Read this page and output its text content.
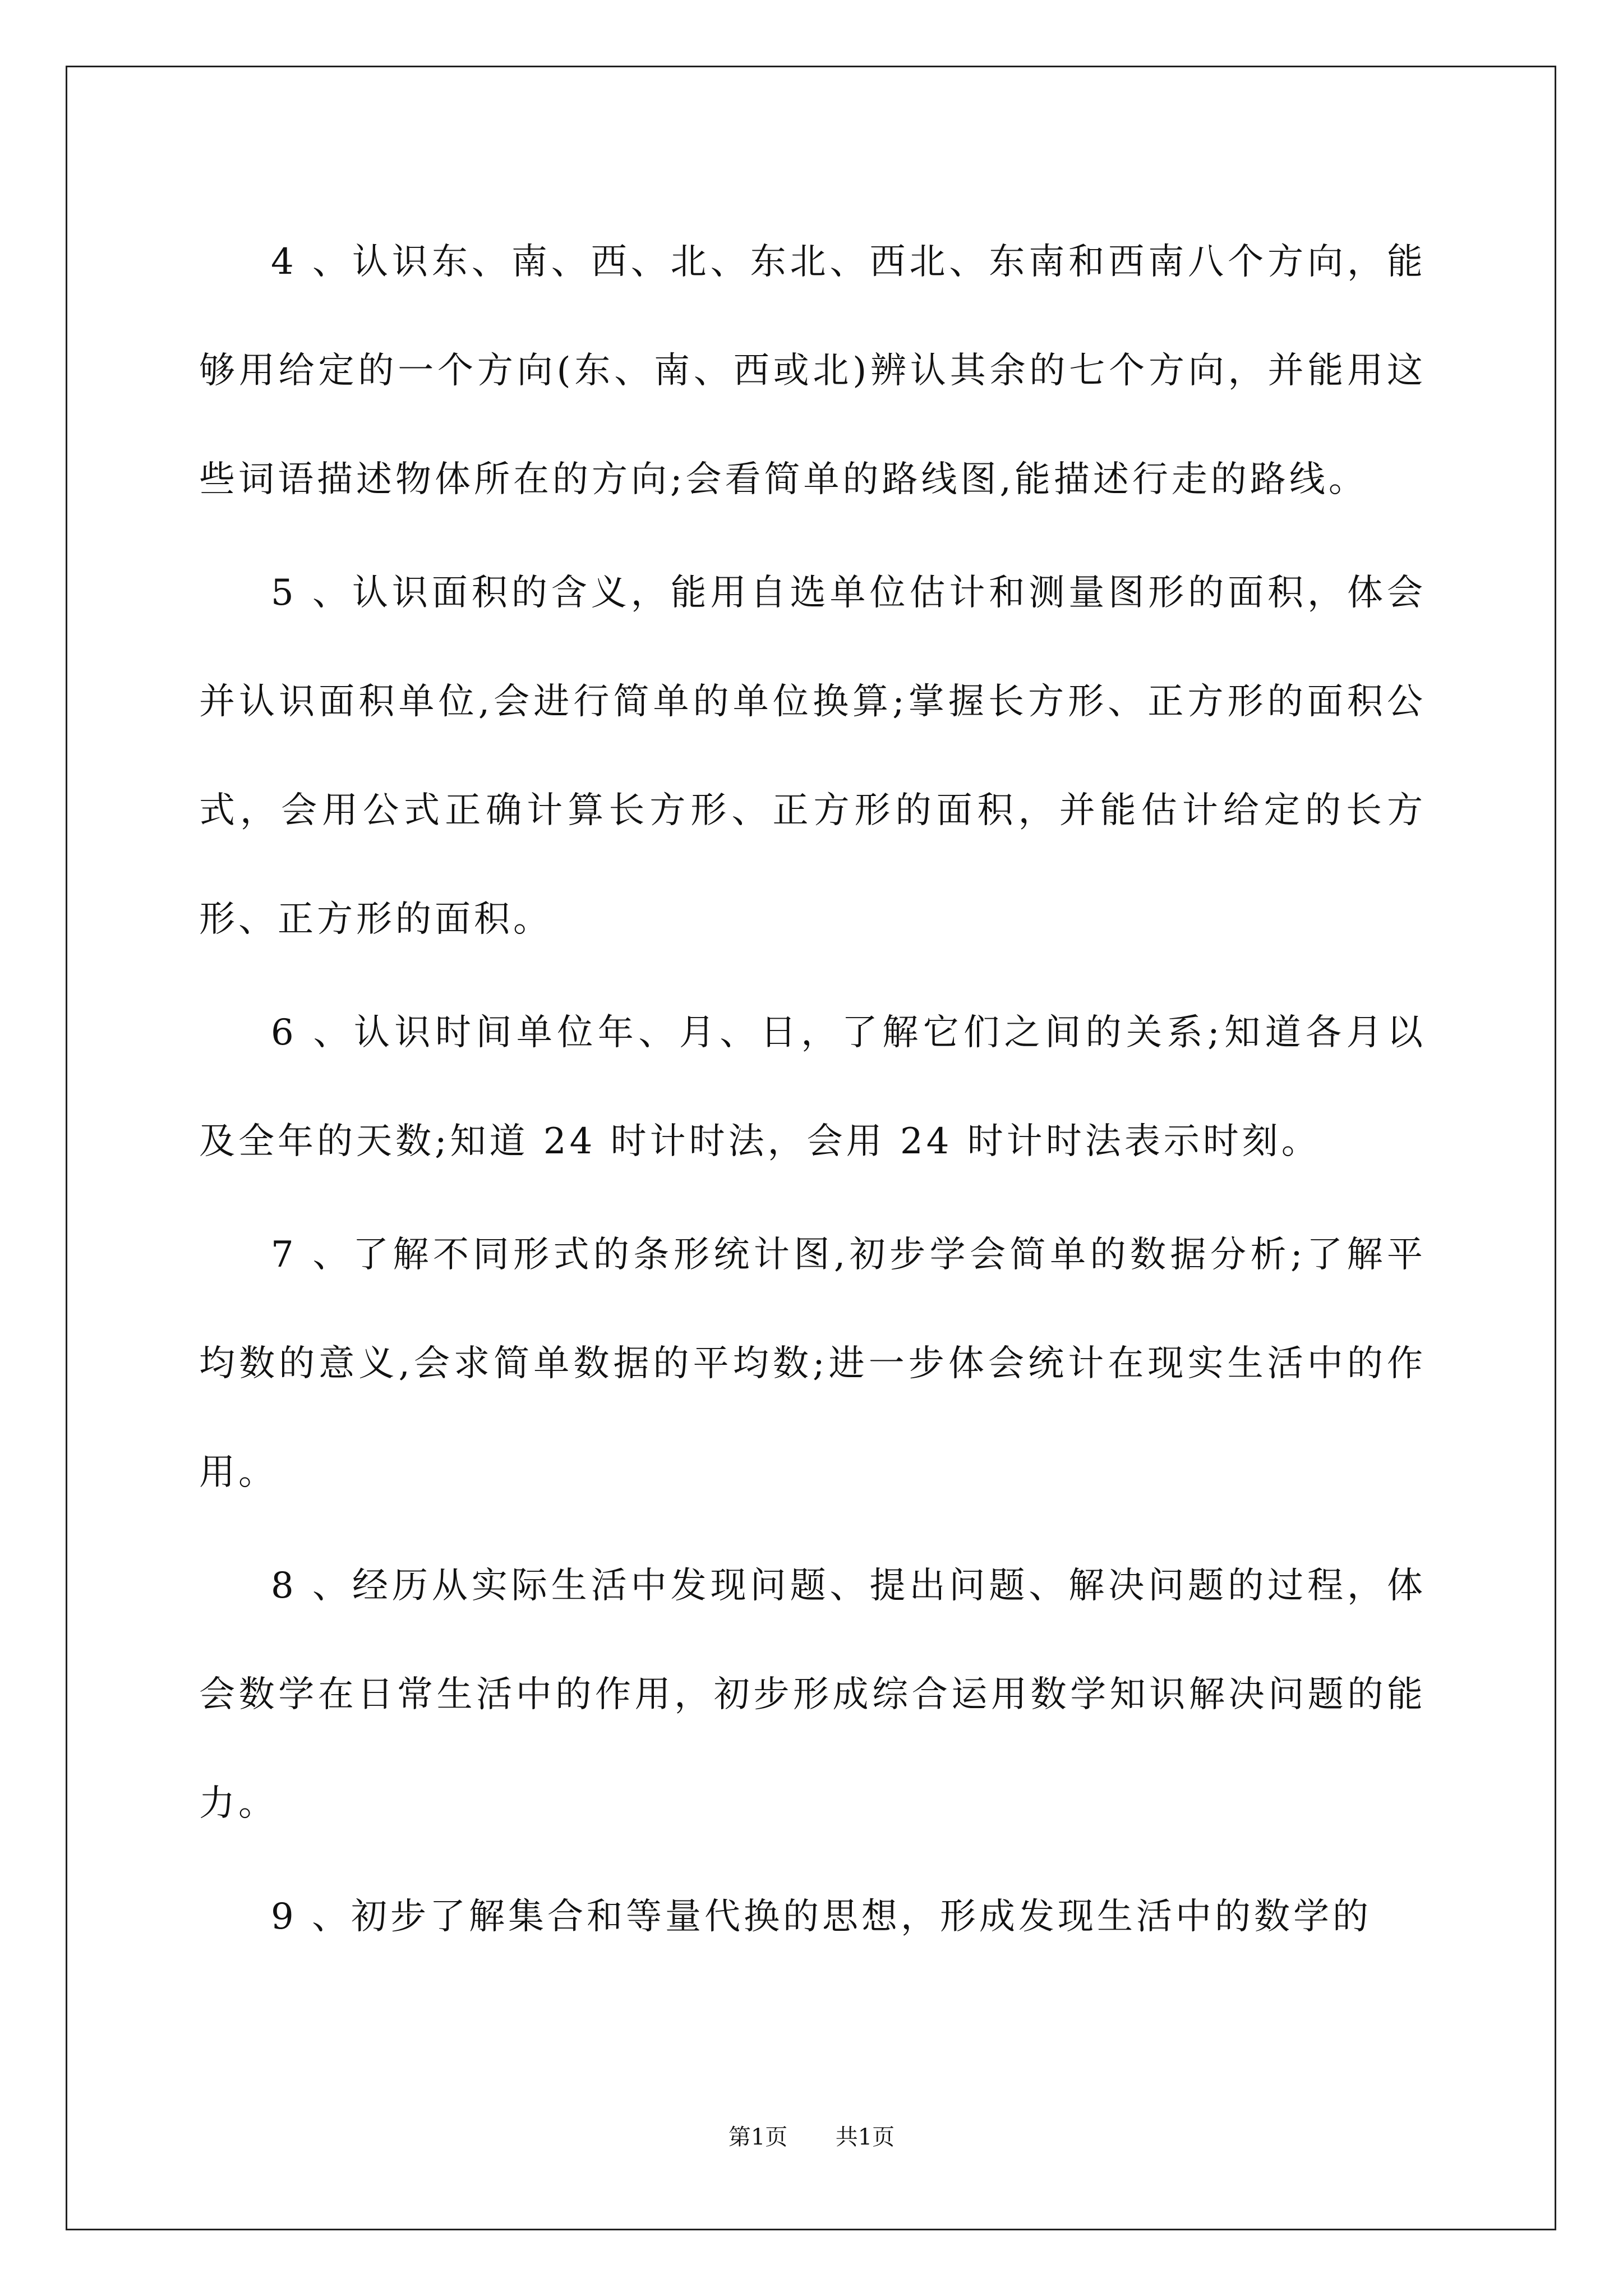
4 、认识东、南、西、北、东北、西北、东南和西南八个方向，能够用给定的一个方向(东、南、西或北)辨认其余的七个方向，并能用这些词语描述物体所在的方向;会看简单的路线图,能描述行走的路线。

5 、认识面积的含义，能用自选单位估计和测量图形的面积，体会并认识面积单位,会进行简单的单位换算;掌握长方形、正方形的面积公式，会用公式正确计算长方形、正方形的面积，并能估计给定的长方形、正方形的面积。

6 、认识时间单位年、月、日，了解它们之间的关系;知道各月以及全年的天数;知道 24 时计时法，会用 24 时计时法表示时刻。

7 、了解不同形式的条形统计图,初步学会简单的数据分析;了解平均数的意义,会求简单数据的平均数;进一步体会统计在现实生活中的作用。

8 、经历从实际生活中发现问题、提出问题、解决问题的过程，体会数学在日常生活中的作用，初步形成综合运用数学知识解决问题的能力。

9 、初步了解集合和等量代换的思想，形成发现生活中的数学的

第1页 共1页
